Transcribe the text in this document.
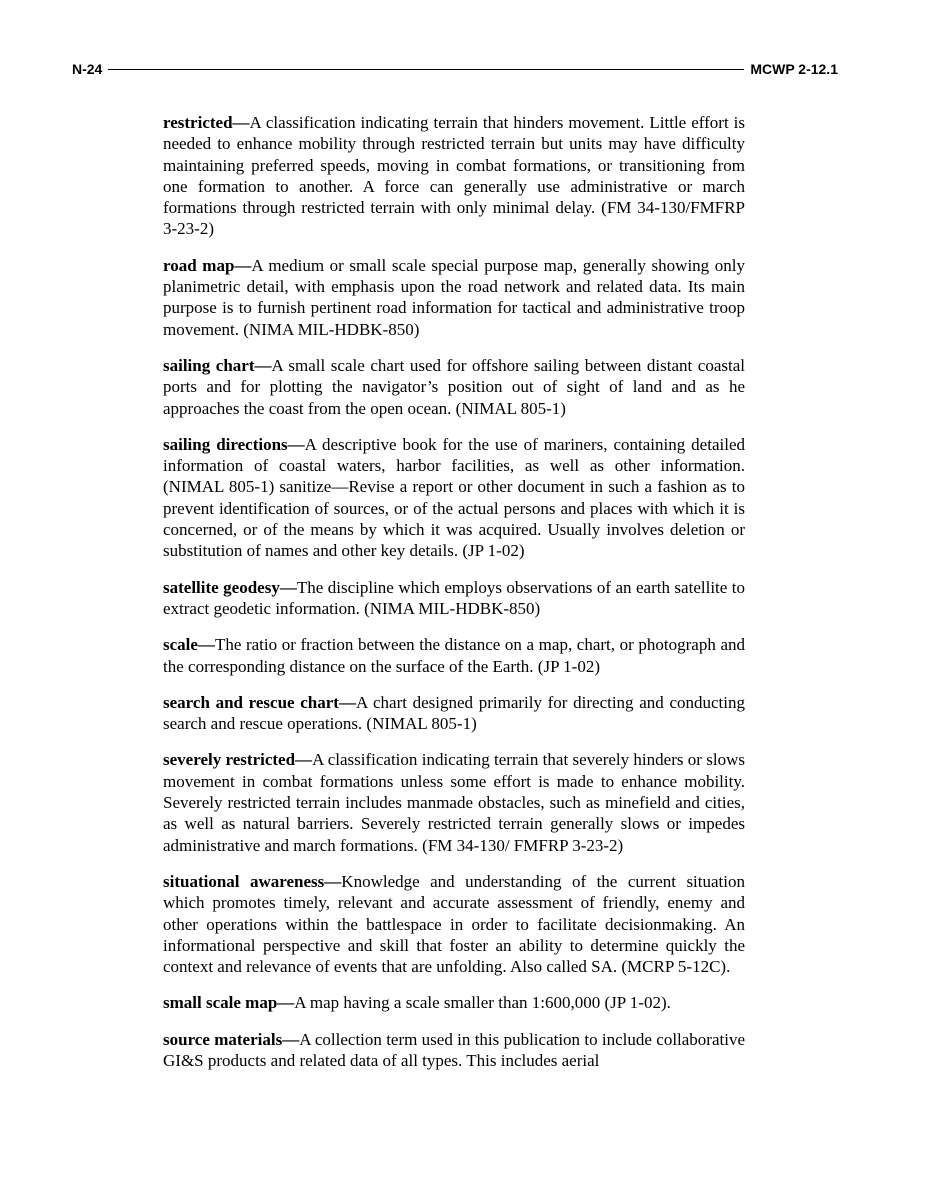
N-24	MCWP 2-12.1

restricted—A classification indicating terrain that hinders movement. Little effort is needed to enhance mobility through restricted terrain but units may have difficulty maintaining preferred speeds, moving in combat formations, or transitioning from one formation to another. A force can generally use administrative or march formations through restricted terrain with only minimal delay. (FM 34-130/FMFRP 3-23-2)

road map—A medium or small scale special purpose map, generally showing only planimetric detail, with emphasis upon the road network and related data. Its main purpose is to furnish pertinent road information for tactical and administrative troop movement. (NIMA MIL-HDBK-850)

sailing chart—A small scale chart used for offshore sailing between distant coastal ports and for plotting the navigator’s position out of sight of land and as he approaches the coast from the open ocean. (NIMAL 805-1)

sailing directions—A descriptive book for the use of mariners, containing detailed information of coastal waters, harbor facilities, as well as other information. (NIMAL 805-1) sanitize—Revise a report or other document in such a fashion as to prevent identification of sources, or of the actual persons and places with which it is concerned, or of the means by which it was acquired. Usually involves deletion or substitution of names and other key details. (JP 1-02)

satellite geodesy—The discipline which employs observations of an earth satellite to extract geodetic information. (NIMA MIL-HDBK-850)

scale—The ratio or fraction between the distance on a map, chart, or photograph and the corresponding distance on the surface of the Earth. (JP 1-02)

search and rescue chart—A chart designed primarily for directing and conducting search and rescue operations. (NIMAL 805-1)

severely restricted—A classification indicating terrain that severely hinders or slows movement in combat formations unless some effort is made to enhance mobility. Severely restricted terrain includes manmade obstacles, such as minefield and cities, as well as natural barriers. Severely restricted terrain generally slows or impedes administrative and march formations. (FM 34-130/ FMFRP 3-23-2)

situational awareness—Knowledge and understanding of the current situation which promotes timely, relevant and accurate assessment of friendly, enemy and other operations within the battlespace in order to facilitate decisionmaking. An informational perspective and skill that foster an ability to determine quickly the context and relevance of events that are unfolding. Also called SA. (MCRP 5-12C).

small scale map—A map having a scale smaller than 1:600,000 (JP 1-02).

source materials—A collection term used in this publication to include collaborative GI&S products and related data of all types. This includes aerial
